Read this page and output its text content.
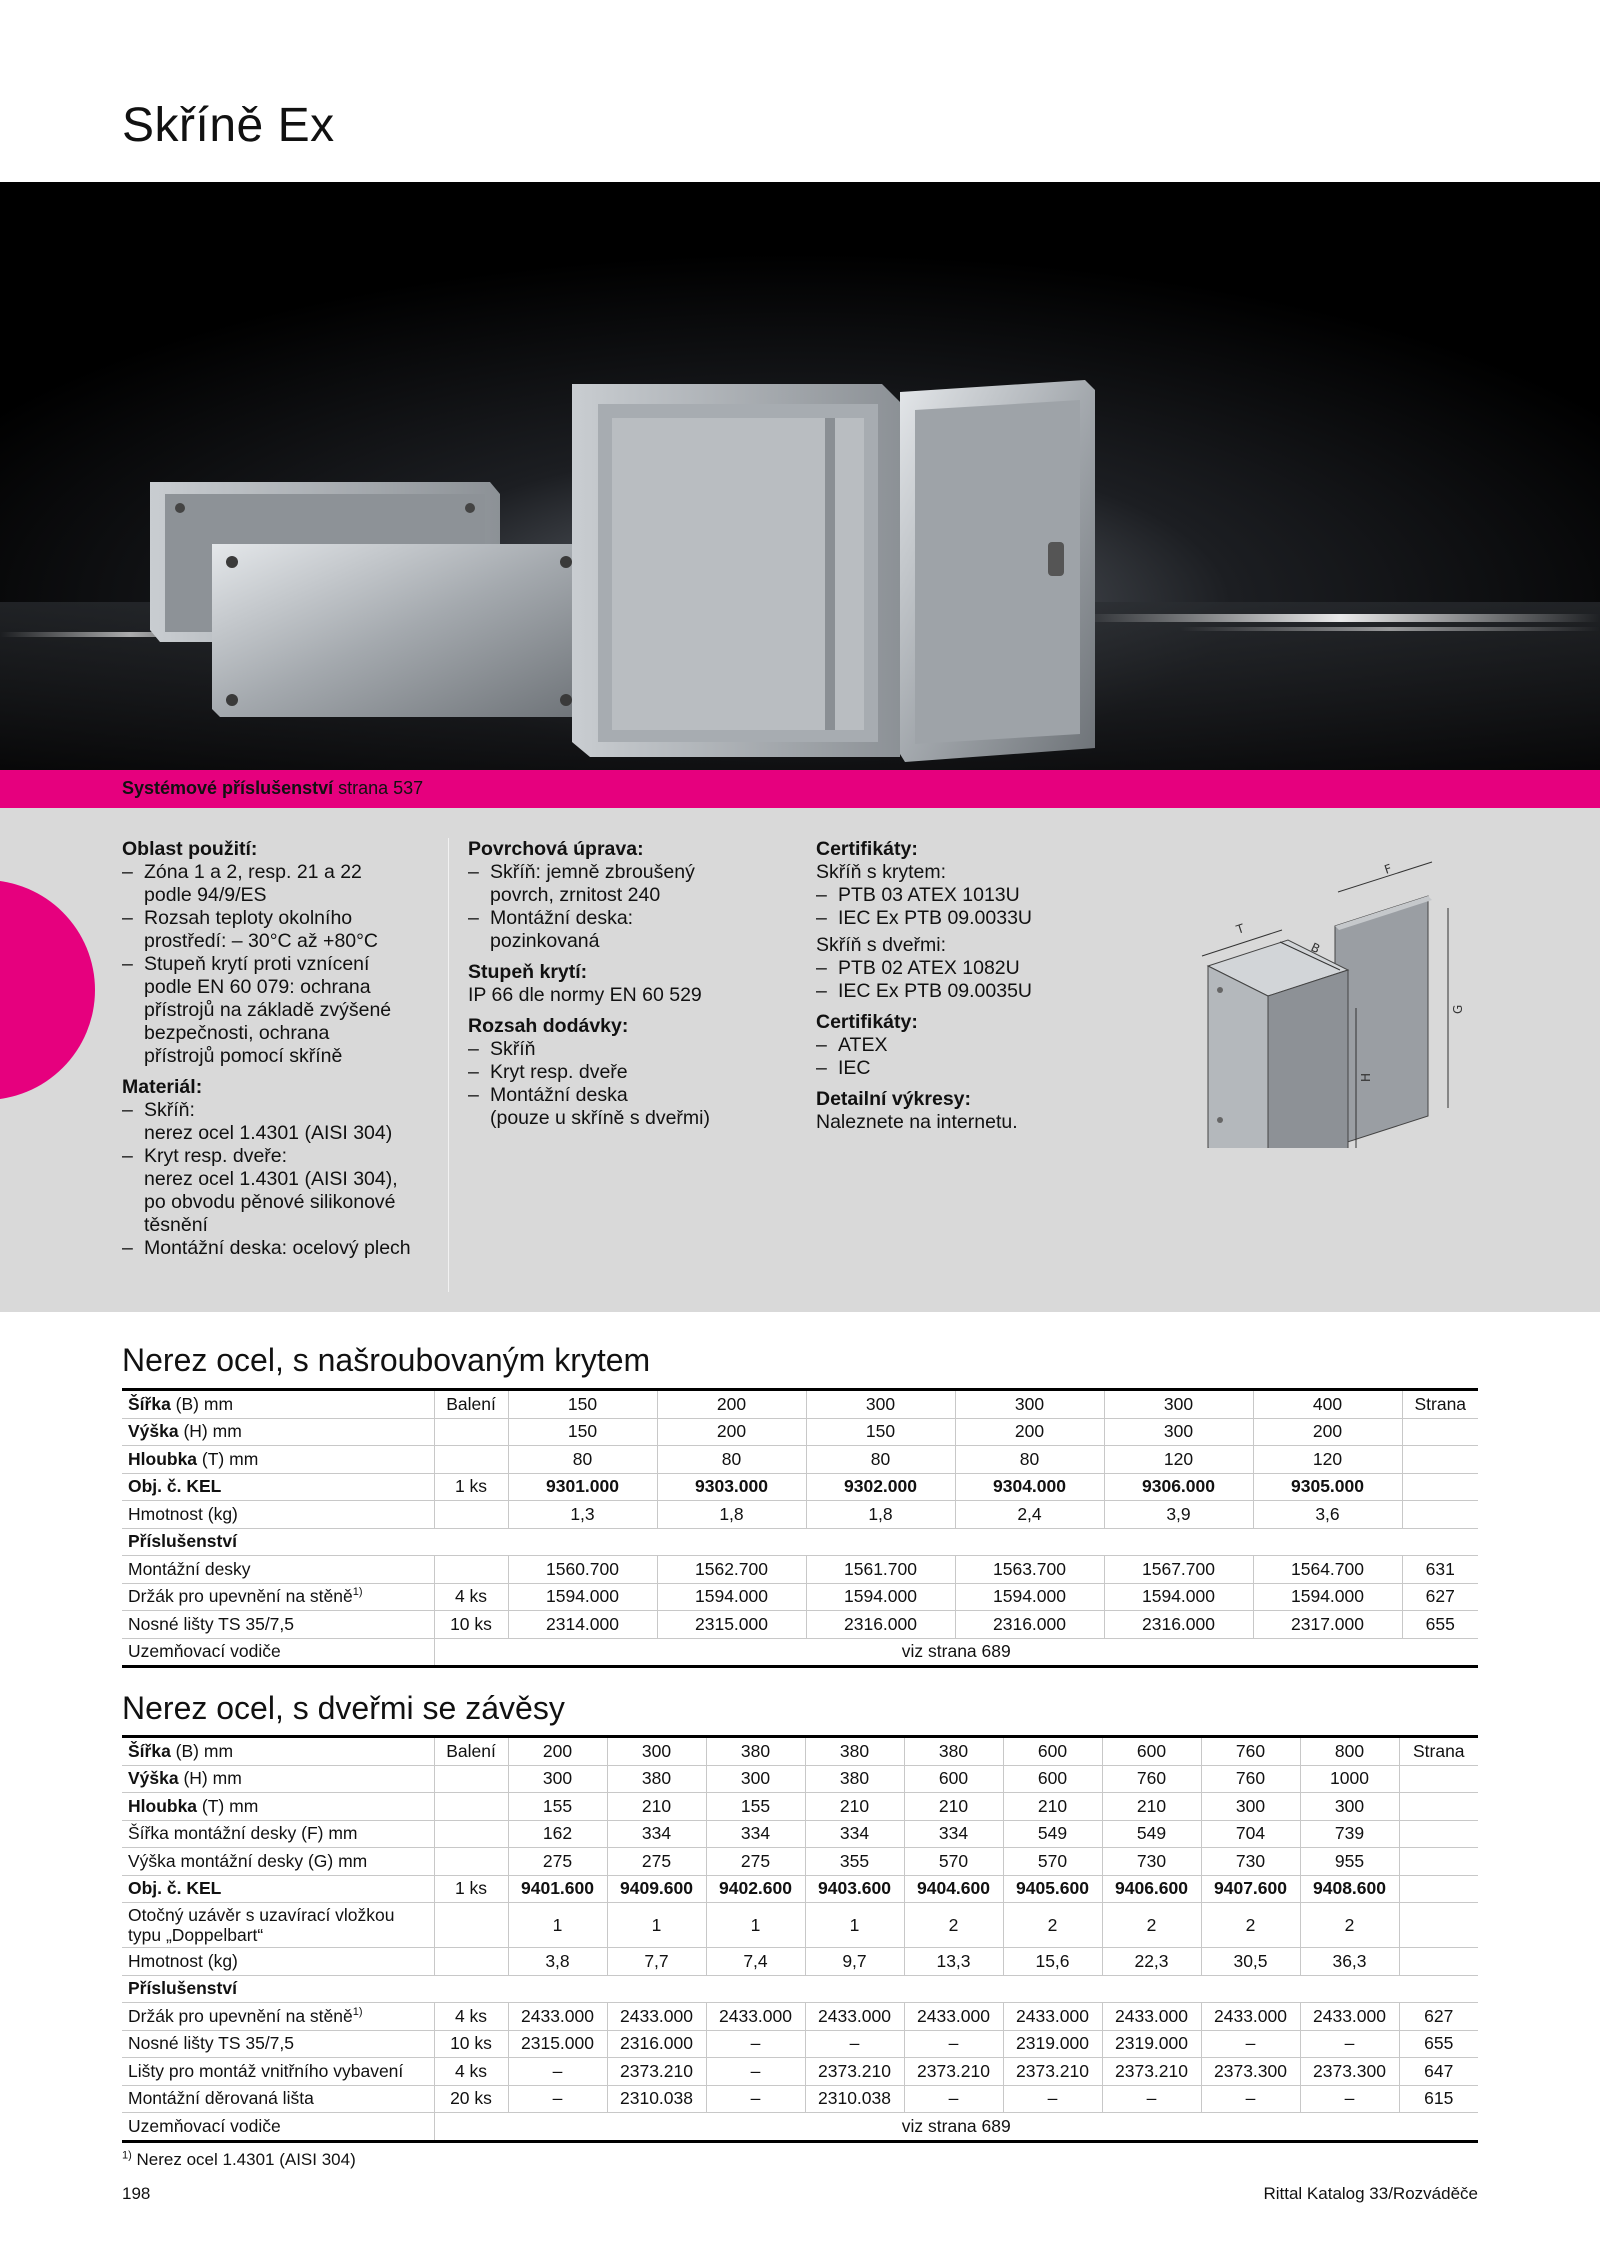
Skříně Ex
Systémové příslušenství strana 537
Oblast použití:
– Zóna 1 a 2, resp. 21 a 22
podle 94/9/ES
– Rozsah teploty okolního
prostředí: – 30°C až +80°C
– Stupeň krytí proti vznícení
podle EN 60 079: ochrana
přístrojů na základě zvýšené
bezpečnosti, ochrana
přístrojů pomocí skříně
Materiál:
– Skříň:
nerez ocel 1.4301 (AISI 304)
– Kryt resp. dveře:
nerez ocel 1.4301 (AISI 304),
po obvodu pěnové silikonové
těsnění
– Montážní deska: ocelový plech
Povrchová úprava:
– Skříň: jemně zbroušený
povrch, zrnitost 240
– Montážní deska:
pozinkovaná
Stupeň krytí:
IP 66 dle normy EN 60 529
Rozsah dodávky:
– Skříň
– Kryt resp. dveře
– Montážní deska
(pouze u skříně s dveřmi)
Certifikáty:
Skříň s krytem:
– PTB 03 ATEX 1013U
– IEC Ex PTB 09.0033U
Skříň s dveřmi:
– PTB 02 ATEX 1082U
– IEC Ex PTB 09.0035U
Certifikáty:
– ATEX
– IEC
Detailní výkresy:
Naleznete na internetu.
F
T
B
G
H
Nerez ocel, s našroubovaným krytem
Šířka (B) mm	Balení	150	200	300	300	300	400	Strana
Výška (H) mm		150	200	150	200	300	200	
Hloubka (T) mm		80	80	80	80	120	120	
Obj. č. KEL	1 ks	9301.000	9303.000	9302.000	9304.000	9306.000	9305.000	
Hmotnost (kg)		1,3	1,8	1,8	2,4	3,9	3,6	
Příslušenství								
Montážní desky		1560.700	1562.700	1561.700	1563.700	1567.700	1564.700	631
Držák pro upevnění na stěně$^{1)}$	4 ks	1594.000	1594.000	1594.000	1594.000	1594.000	1594.000	627
Nosné lišty TS 35/7,5	10 ks	2314.000	2315.000	2316.000	2316.000	2316.000	2317.000	655
Uzemňovací vodiče	viz strana 689							
Nerez ocel, s dveřmi se závěsy
Šířka (B) mm	Balení	200	300	380	380	380	600	600	760	800	Strana
Výška (H) mm		300	380	300	380	600	600	760	760	1000	
Hloubka (T) mm		155	210	155	210	210	210	210	300	300	
Šířka montážní desky (F) mm		162	334	334	334	334	549	549	704	739	
Výška montážní desky (G) mm		275	275	275	355	570	570	730	730	955	
Obj. č. KEL	1 ks	9401.600	9409.600	9402.600	9403.600	9404.600	9405.600	9406.600	9407.600	9408.600	
Otočný uzávěr s uzavírací vložkou typu „Doppelbart“		1	1	1	1	2	2	2	2	2	
Hmotnost (kg)		3,8	7,7	7,4	9,7	13,3	15,6	22,3	30,5	36,3	
Příslušenství											
Držák pro upevnění na stěně$^{1)}$	4 ks	2433.000	2433.000	2433.000	2433.000	2433.000	2433.000	2433.000	2433.000	2433.000	627
Nosné lišty TS 35/7,5	10 ks	2315.000	2316.000	–	–	–	2319.000	2319.000	–	–	655
Lišty pro montáž vnitřního vybavení	4 ks	–	2373.210	–	2373.210	2373.210	2373.210	2373.210	2373.300	2373.300	647
Montážní děrovaná lišta	20 ks	–	2310.038	–	2310.038	–	–	–	–	–	615
Uzemňovací vodiče	viz strana 689										
$^{1)}$ Nerez ocel 1.4301 (AISI 304)
198	Rittal Katalog 33/Rozváděče
